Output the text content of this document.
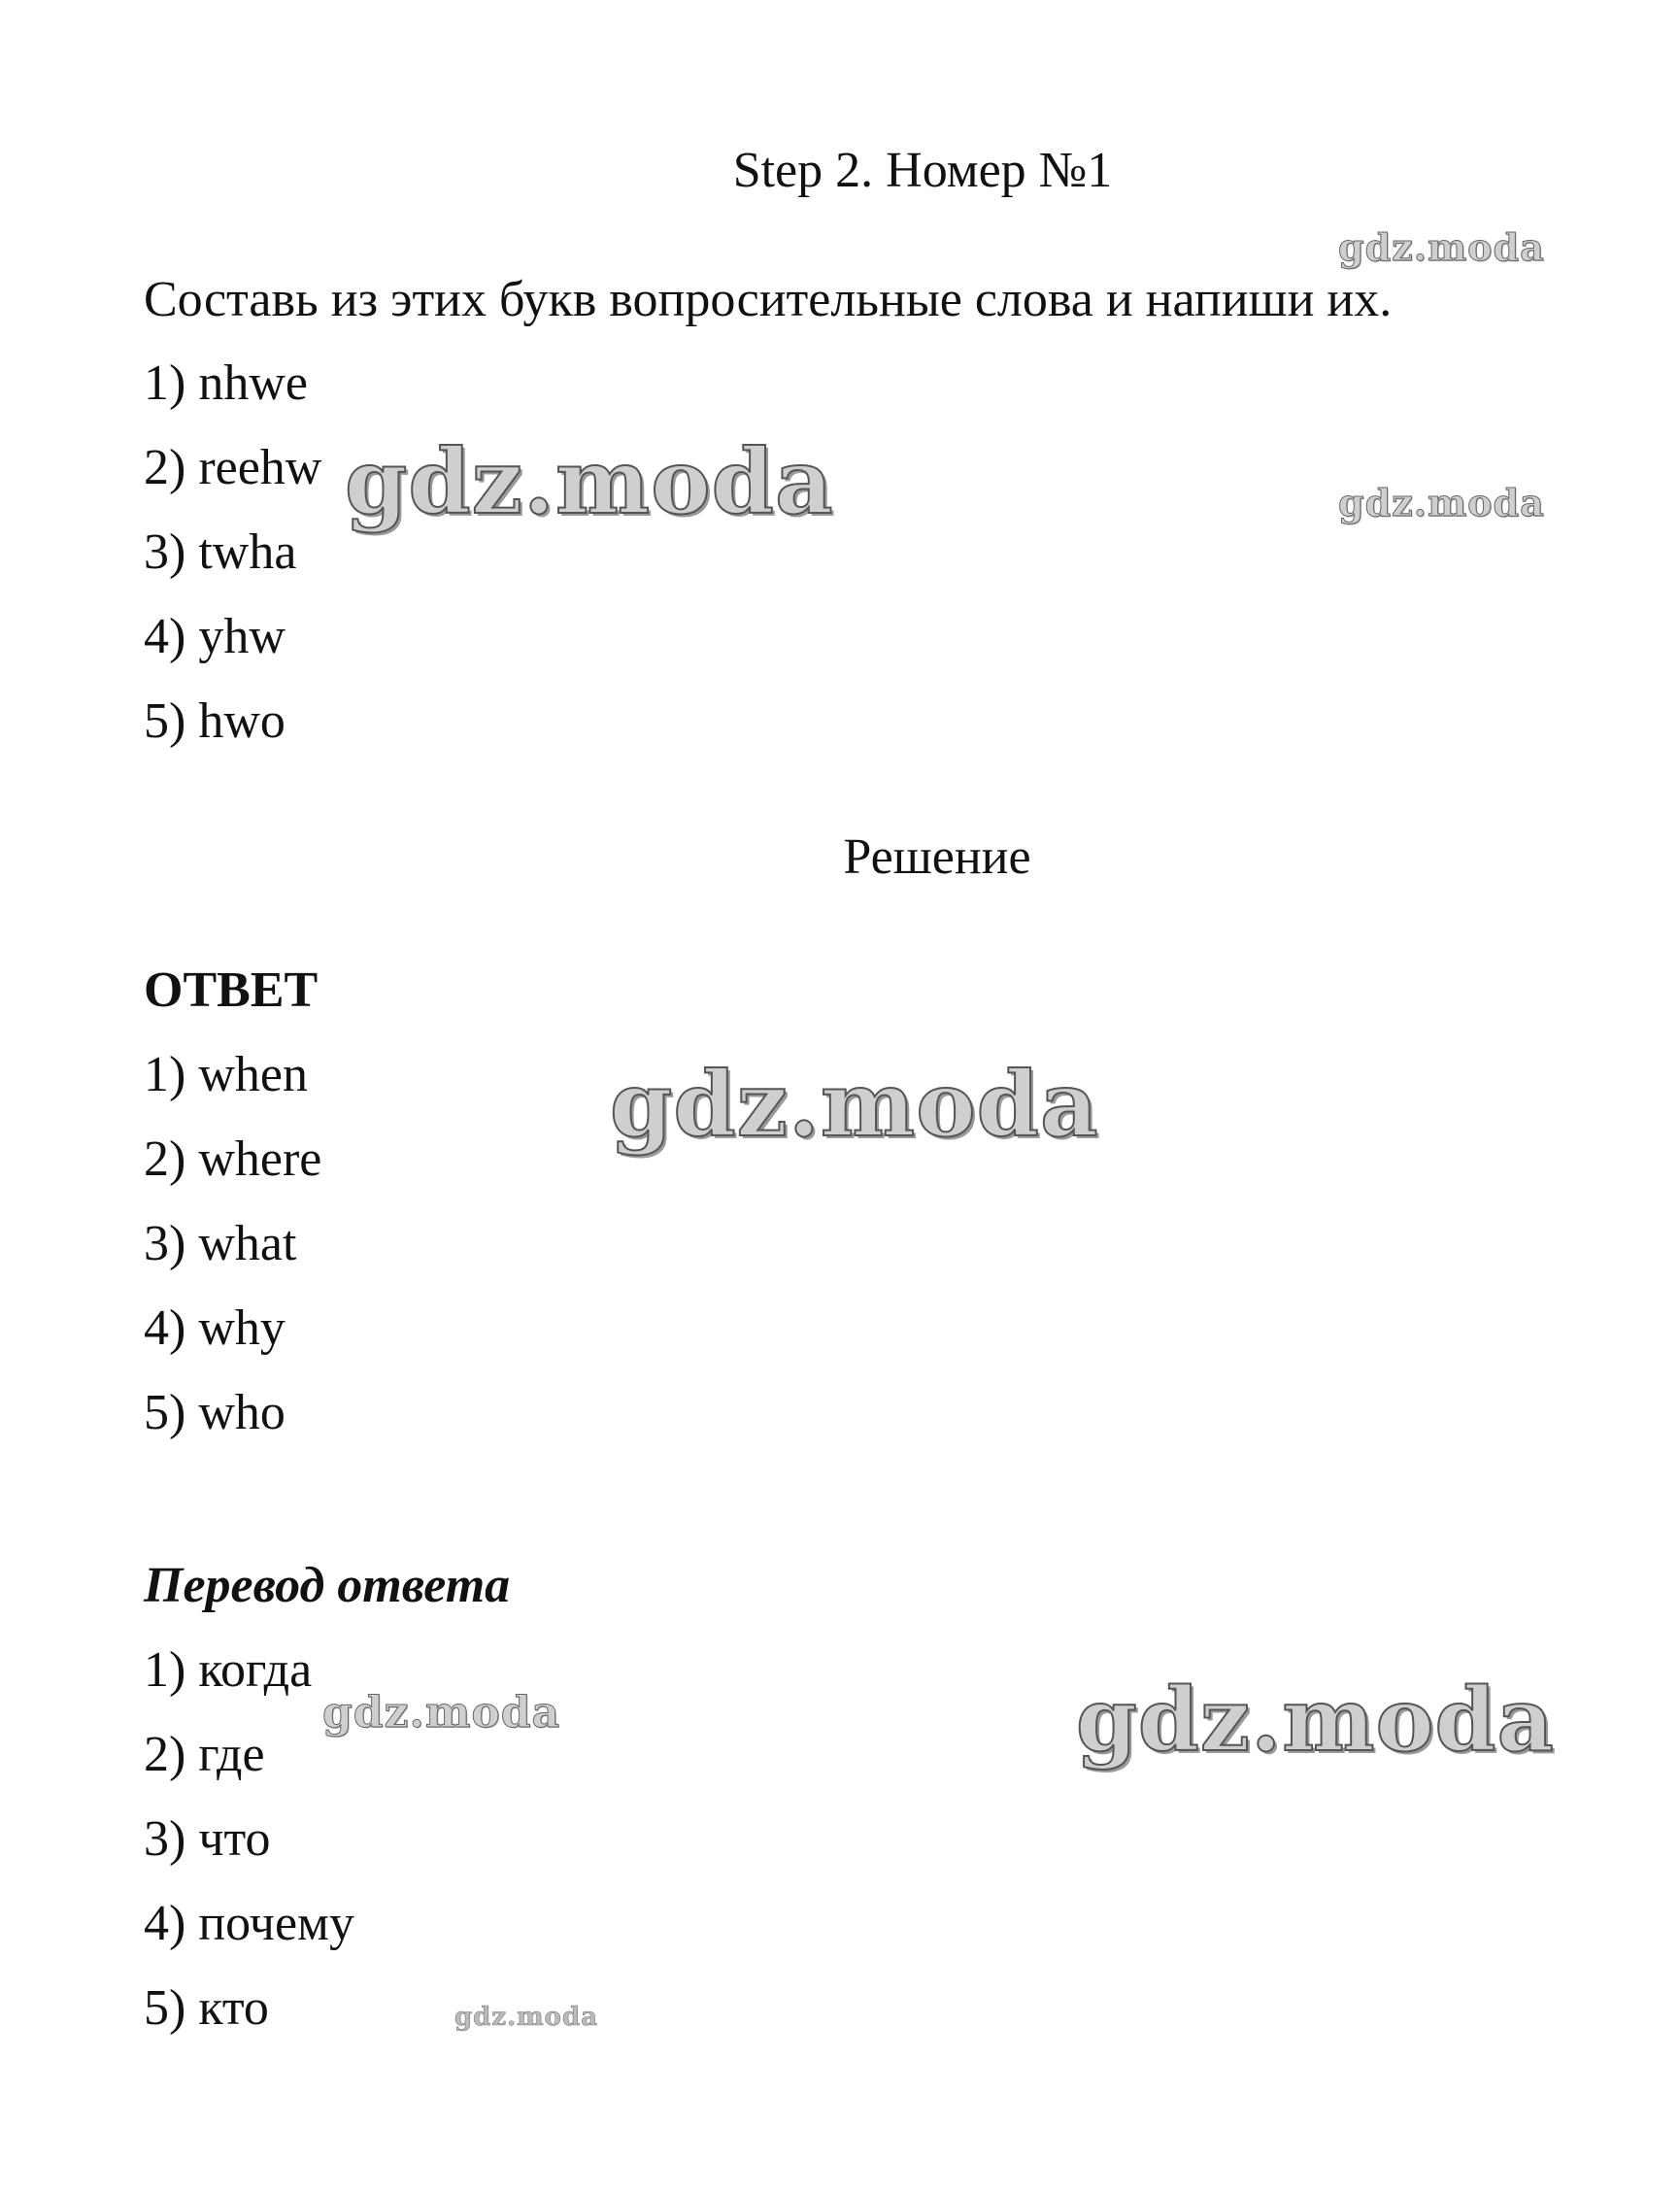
Step 2. Номер №1
Составь из этих букв вопросительные слова и напиши их.
1) nhwe
2) reehw
3) twha
4) yhw
5) hwo
Решение
ОТВЕТ
1) when
2) where
3) what
4) why
5) who
Перевод ответа
1) когда
2) где
3) что
4) почему
5) кто
gdz.moda
gdz.moda	gdz.moda
gdz.moda
gdz.moda	gdz.moda
gdz.moda
